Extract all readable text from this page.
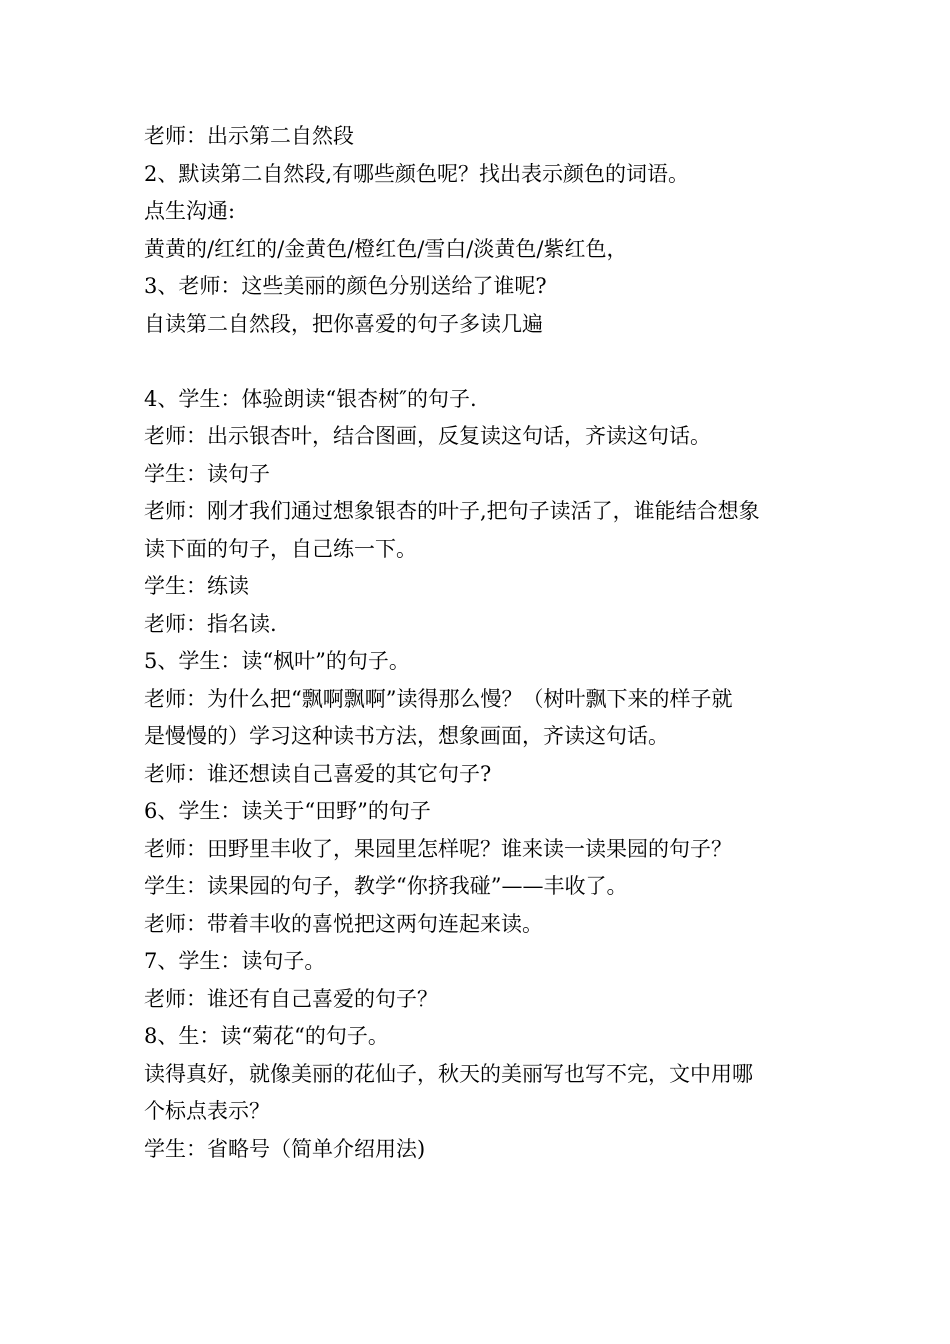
老师：出示第二自然段
2、默读第二自然段,有哪些颜色呢？找出表示颜色的词语。
点生沟通:
黄黄的/红红的/金黄色/橙红色/雪白/淡黄色/紫红色，
3、老师：这些美丽的颜色分别送给了谁呢?
自读第二自然段，把你喜爱的句子多读几遍
4、学生：体验朗读“银杏树″的句子.
老师：出示银杏叶，结合图画，反复读这句话，齐读这句话。
学生：读句子
老师：刚才我们通过想象银杏的叶子,把句子读活了，谁能结合想象
读下面的句子，自己练一下。
学生：练读
老师：指名读.
5、学生：读“枫叶”的句子。
老师：为什么把“飘啊飘啊”读得那么慢？（树叶飘下来的样子就
是慢慢的）学习这种读书方法，想象画面，齐读这句话。
老师：谁还想读自己喜爱的其它句子?
6、学生：读关于“田野”的句子
老师：田野里丰收了，果园里怎样呢？谁来读一读果园的句子？
学生：读果园的句子，教学“你挤我碰”——丰收了。
老师：带着丰收的喜悦把这两句连起来读。
7、学生：读句子。
老师：谁还有自己喜爱的句子？
8、生：读“菊花“的句子。
读得真好，就像美丽的花仙子，秋天的美丽写也写不完，文中用哪
个标点表示？
学生：省略号（简单介绍用法)
